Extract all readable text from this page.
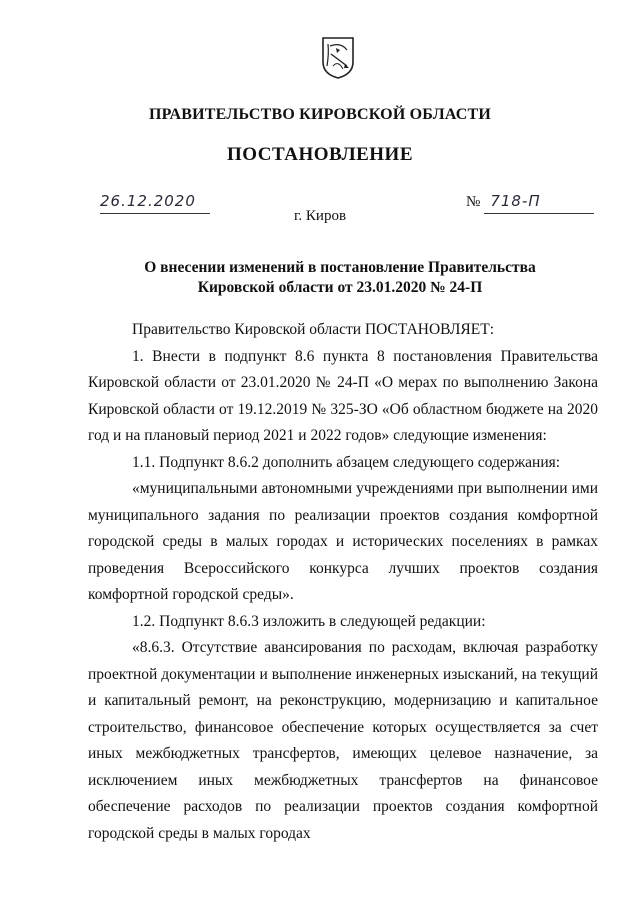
ПРАВИТЕЛЬСТВО КИРОВСКОЙ ОБЛАСТИ
ПОСТАНОВЛЕНИЕ
26.12.2020	№ 718-П
г. Киров
О внесении изменений в постановление Правительства
Кировской области от 23.01.2020 № 24-П

Правительство Кировской области ПОСТАНОВЛЯЕТ:

1. Внести в подпункт 8.6 пункта 8 постановления Правительства Кировской области от 23.01.2020 № 24-П «О мерах по выполнению Закона Кировской области от 19.12.2019 № 325-ЗО «Об областном бюджете на 2020 год и на плановый период 2021 и 2022 годов» следующие изменения:

1.1. Подпункт 8.6.2 дополнить абзацем следующего содержания:

«муниципальными автономными учреждениями при выполнении ими муниципального задания по реализации проектов создания комфортной городской среды в малых городах и исторических поселениях в рамках проведения Всероссийского конкурса лучших проектов создания комфортной городской среды».

1.2. Подпункт 8.6.3 изложить в следующей редакции:

«8.6.3. Отсутствие авансирования по расходам, включая разработку проектной документации и выполнение инженерных изысканий, на текущий и капитальный ремонт, на реконструкцию, модернизацию и капитальное строительство, финансовое обеспечение которых осуществляется за счет иных межбюджетных трансфертов, имеющих целевое назначение, за исключением иных межбюджетных трансфертов на финансовое обеспечение расходов по реализации проектов создания комфортной городской среды в малых городах
